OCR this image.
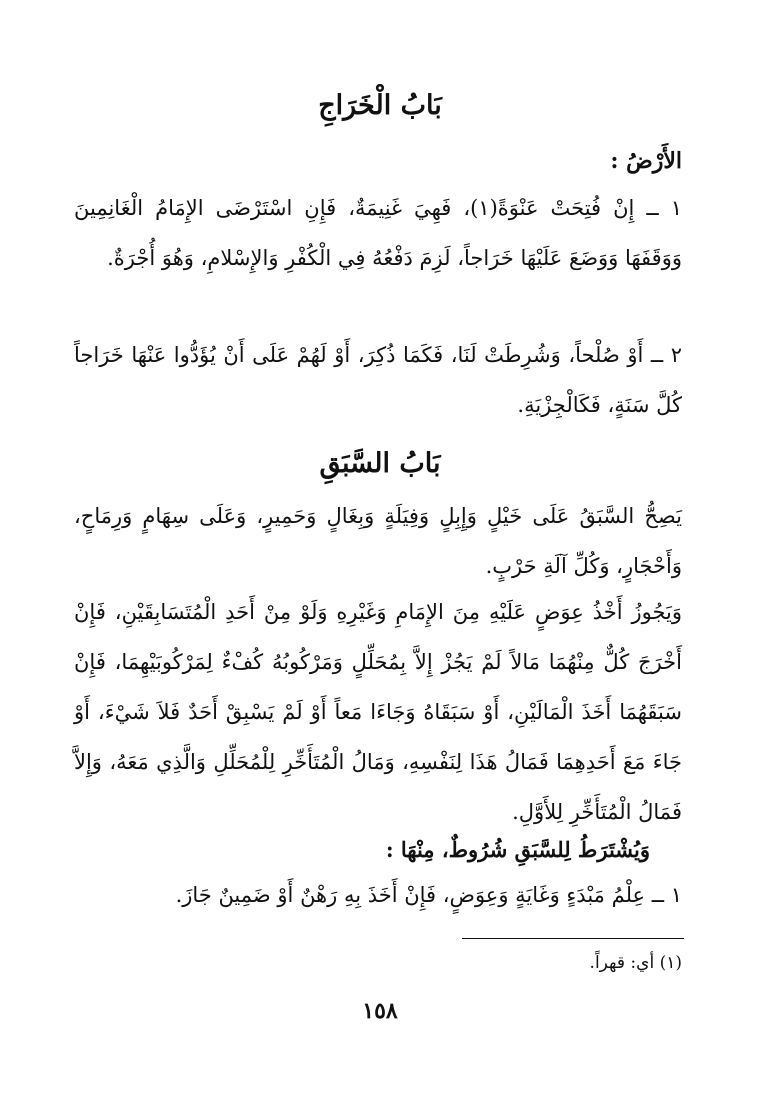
بَابُ الْخَرَاجِ
الأَرْضُ :
١ ــ إِنْ فُتِحَتْ عَنْوَةً(١)، فَهِيَ غَنِيمَةٌ، فَإِنِ اسْتَرْضَى الإِمَامُ الْغَانِمِينَ وَوَقَفَهَا وَوَضَعَ عَلَيْهَا خَرَاجاً، لَزِمَ دَفْعُهُ فِي الْكُفْرِ وَالإِسْلامِ، وَهُوَ أُجْرَةٌ.
٢ ــ أَوْ صُلْحاً، وَشُرِطَتْ لَنَا، فَكَمَا ذُكِرَ، أَوْ لَهُمْ عَلَى أَنْ يُؤَدُّوا عَنْهَا خَرَاجاً كُلَّ سَنَةٍ، فَكَالْجِزْيَةِ.
بَابُ السَّبَقِ
يَصِحُّ السَّبَقُ عَلَى خَيْلٍ وَإِبِلٍ وَفِيَلَةٍ وَبِغَالٍ وَحَمِيرٍ، وَعَلَى سِهَامٍ وَرِمَاحٍ، وَأَحْجَارٍ، وَكُلِّ آلَةِ حَرْبٍ.
وَيَجُوزُ أَخْذُ عِوَضٍ عَلَيْهِ مِنَ الإِمَامِ وَغَيْرِهِ وَلَوْ مِنْ أَحَدِ الْمُتَسَابِقَيْنِ، فَإِنْ أَخْرَجَ كُلٌّ مِنْهُمَا مَالاً لَمْ يَجُزْ إِلاَّ بِمُحَلِّلٍ وَمَرْكُوبُهُ كُفْءٌ لِمَرْكُوبَيْهِمَا، فَإِنْ سَبَقَهُمَا أَخَذَ الْمَالَيْنِ، أَوْ سَبَقَاهُ وَجَاءَا مَعاً أَوْ لَمْ يَسْبِقْ أَحَدٌ فَلاَ شَيْءَ، أَوْ جَاءَ مَعَ أَحَدِهِمَا فَمَالُ هَذَا لِنَفْسِهِ، وَمَالُ الْمُتَأَخِّرِ لِلْمُحَلِّلِ وَالَّذِي مَعَهُ، وَإِلاَّ فَمَالُ الْمُتَأَخِّرِ لِلأَوَّلِ.
وَيُشْتَرَطُ لِلسَّبَقِ شُرُوطٌ، مِنْهَا :
١ ــ عِلْمُ مَبْدَءٍ وَغَايَةٍ وَعِوَضٍ، فَإِنْ أَخَذَ بِهِ رَهْنٌ أَوْ ضَمِينٌ جَازَ.
(١) أي: قهراً.
١٥٨
